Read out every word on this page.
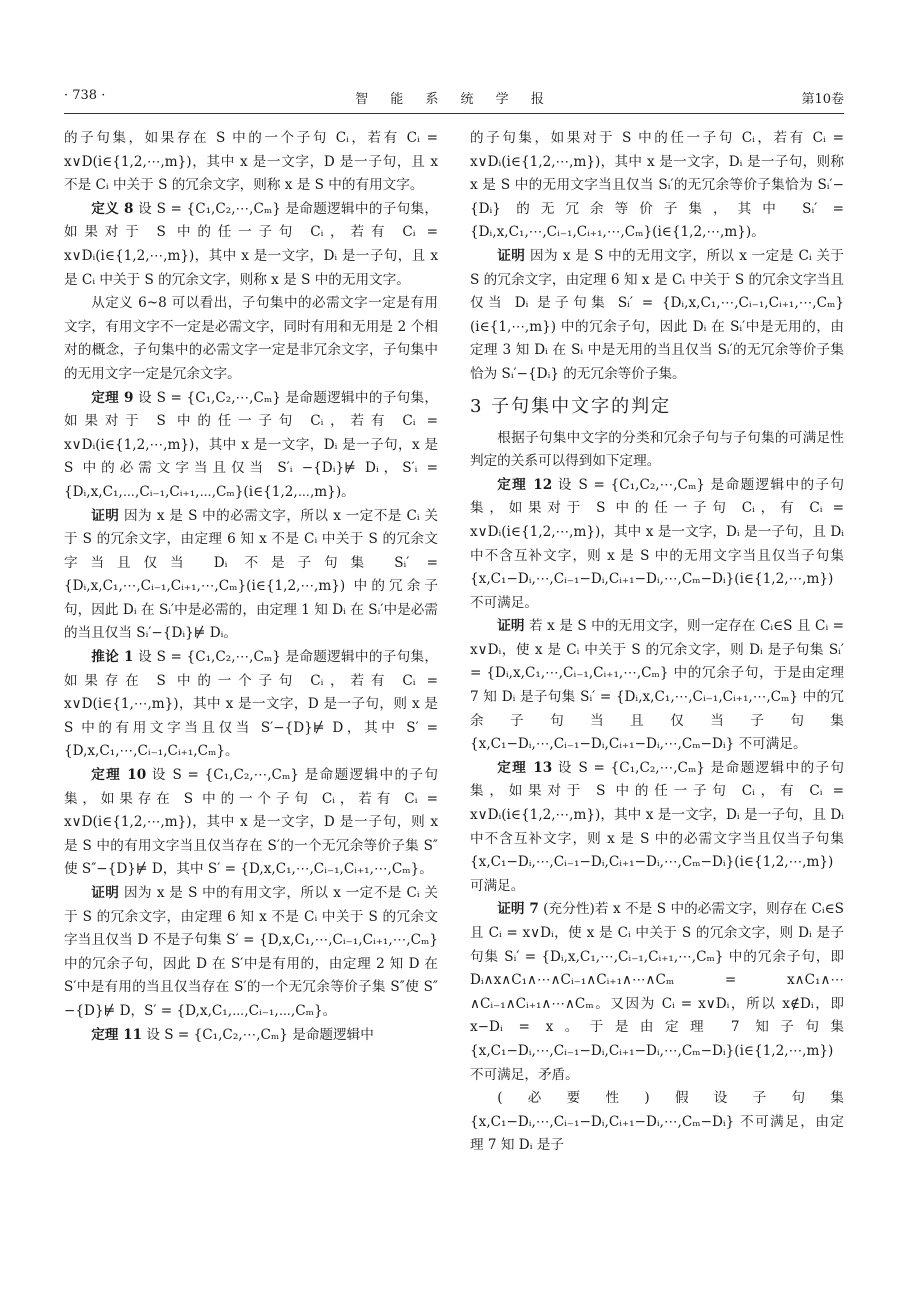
· 738 ·	智 能 系 统 学 报	第10卷

的子句集，如果存在 S 中的一个子句 Cᵢ，若有 Cᵢ = x∨D(i∈{1,2,⋯,m})，其中 x 是一文字，D 是一子句，且 x 不是 Cᵢ 中关于 S 的冗余文字，则称 x 是 S 中的有用文字。

定义 8 设 S = {C₁,C₂,⋯,Cₘ} 是命题逻辑中的子句集，如果对于 S 中的任一子句 Cᵢ，若有 Cᵢ = x∨Dᵢ(i∈{1,2,⋯,m})，其中 x 是一文字，Dᵢ 是一子句，且 x 是 Cᵢ 中关于 S 的冗余文字，则称 x 是 S 中的无用文字。

从定义 6~8 可以看出，子句集中的必需文字一定是有用文字，有用文字不一定是必需文字，同时有用和无用是 2 个相对的概念，子句集中的必需文字一定是非冗余文字，子句集中的无用文字一定是冗余文字。

定理 9 设 S = {C₁,C₂,⋯,Cₘ} 是命题逻辑中的子句集，如果对于 S 中的任一子句 Cᵢ，若有 Cᵢ = x∨Dᵢ(i∈{1,2,⋯,m})，其中 x 是一文字，Dᵢ 是一子句，x 是 S 中的必需文字当且仅当 S′ᵢ −{Dᵢ}⊭ Dᵢ，S′ᵢ = {Dᵢ,x,C₁,⋯,Cᵢ₋₁,Cᵢ₊₁,⋯,Cₘ}(i∈{1,2,⋯,m})。

证明 因为 x 是 S 中的必需文字，所以 x 一定不是 Cᵢ 关于 S 的冗余文字，由定理 6 知 x 不是 Cᵢ 中关于 S 的冗余文字当且仅当 Dᵢ 不是子句集 Sᵢ′ = {Dᵢ,x,C₁,⋯,Cᵢ₋₁,Cᵢ₊₁,⋯,Cₘ}(i∈{1,2,⋯,m}) 中的冗余子句，因此 Dᵢ 在 Sᵢ′中是必需的，由定理 1 知 Dᵢ 在 Sᵢ′中是必需的当且仅当 Sᵢ′−{Dᵢ}⊭ Dᵢ。

推论 1 设 S = {C₁,C₂,⋯,Cₘ} 是命题逻辑中的子句集，如果存在 S 中的一个子句 Cᵢ，若有 Cᵢ = x∨D(i∈{1,⋯,m})，其中 x 是一文字，D 是一子句，则 x 是 S 中的有用文字当且仅当 S′−{D}⊭ D，其中 S′ = {D,x,C₁,⋯,Cᵢ₋₁,Cᵢ₊₁,Cₘ}。

定理 10 设 S = {C₁,C₂,⋯,Cₘ} 是命题逻辑中的子句集，如果存在 S 中的一个子句 Cᵢ，若有 Cᵢ = x∨D(i∈{1,2,⋯,m})，其中 x 是一文字，D 是一子句，则 x 是 S 中的有用文字当且仅当存在 S′的一个无冗余等价子集 S″使 S″−{D}⊭ D，其中 S′ = {D,x,C₁,⋯,Cᵢ₋₁,Cᵢ₊₁,⋯,Cₘ}。

证明 因为 x 是 S 中的有用文字，所以 x 一定不是 Cᵢ 关于 S 的冗余文字，由定理 6 知 x 不是 Cᵢ 中关于 S 的冗余文字当且仅当 D 不是子句集 S′ = {D,x,C₁,⋯,Cᵢ₋₁,Cᵢ₊₁,⋯,Cₘ} 中的冗余子句，因此 D 在 S′中是有用的，由定理 2 知 D 在 S′中是有用的当且仅当存在 S′的一个无冗余等价子集 S″使 S″−{D}⊭ D，S′ = {D,x,C₁,⋯,Cᵢ₋₁,⋯,Cₘ}。

定理 11 设 S = {C₁,C₂,⋯,Cₘ} 是命题逻辑中

的子句集，如果对于 S 中的任一子句 Cᵢ，若有 Cᵢ = x∨Dᵢ(i∈{1,2,⋯,m})，其中 x 是一文字，Dᵢ 是一子句，则称 x 是 S 中的无用文字当且仅当 Sᵢ′的无冗余等价子集恰为 Sᵢ′−{Dᵢ} 的无冗余等价子集，其中 Sᵢ′ = {Dᵢ,x,C₁,⋯,Cᵢ₋₁,Cᵢ₊₁,⋯,Cₘ}(i∈{1,2,⋯,m})。

证明 因为 x 是 S 中的无用文字，所以 x 一定是 Cᵢ 关于 S 的冗余文字，由定理 6 知 x 是 Cᵢ 中关于 S 的冗余文字当且仅当 Dᵢ 是子句集 Sᵢ′ = {Dᵢ,x,C₁,⋯,Cᵢ₋₁,Cᵢ₊₁,⋯,Cₘ}(i∈{1,⋯,m}) 中的冗余子句，因此 Dᵢ 在 Sᵢ′中是无用的，由定理 3 知 Dᵢ 在 Sᵢ 中是无用的当且仅当 Sᵢ′的无冗余等价子集恰为 Sᵢ′−{Dᵢ} 的无冗余等价子集。

3 子句集中文字的判定

根据子句集中文字的分类和冗余子句与子句集的可满足性判定的关系可以得到如下定理。

定理 12 设 S = {C₁,C₂,⋯,Cₘ} 是命题逻辑中的子句集，如果对于 S 中的任一子句 Cᵢ，有 Cᵢ = x∨Dᵢ(i∈{1,2,⋯,m})，其中 x 是一文字，Dᵢ 是一子句，且 Dᵢ 中不含互补文字，则 x 是 S 中的无用文字当且仅当子句集 {x,C₁−Dᵢ,⋯,Cᵢ₋₁−Dᵢ,Cᵢ₊₁−Dᵢ,⋯,Cₘ−Dᵢ}(i∈{1,2,⋯,m}) 不可满足。

证明 若 x 是 S 中的无用文字，则一定存在 Cᵢ∈S 且 Cᵢ = x∨Dᵢ，使 x 是 Cᵢ 中关于 S 的冗余文字，则 Dᵢ 是子句集 Sᵢ′ = {Dᵢ,x,C₁,⋯,Cᵢ₋₁,Cᵢ₊₁,⋯,Cₘ} 中的冗余子句，于是由定理 7 知 Dᵢ 是子句集 Sᵢ′ = {Dᵢ,x,C₁,⋯,Cᵢ₋₁,Cᵢ₊₁,⋯,Cₘ} 中的冗余子句当且仅当子句集 {x,C₁−Dᵢ,⋯,Cᵢ₋₁−Dᵢ,Cᵢ₊₁−Dᵢ,⋯,Cₘ−Dᵢ} 不可满足。

定理 13 设 S = {C₁,C₂,⋯,Cₘ} 是命题逻辑中的子句集，如果对于 S 中的任一子句 Cᵢ，有 Cᵢ = x∨Dᵢ(i∈{1,2,⋯,m})，其中 x 是一文字，Dᵢ 是一子句，且 Dᵢ 中不含互补文字，则 x 是 S 中的必需文字当且仅当子句集 {x,C₁−Dᵢ,⋯,Cᵢ₋₁−Dᵢ,Cᵢ₊₁−Dᵢ,⋯,Cₘ−Dᵢ}(i∈{1,2,⋯,m}) 可满足。

证明 7 (充分性)若 x 不是 S 中的必需文字，则存在 Cᵢ∈S 且 Cᵢ = x∨Dᵢ，使 x 是 Cᵢ 中关于 S 的冗余文字，则 Dᵢ 是子句集 Sᵢ′ = {Dᵢ,x,C₁,⋯,Cᵢ₋₁,Cᵢ₊₁,⋯,Cₘ} 中的冗余子句，即 Dᵢ∧x∧C₁∧⋯∧Cᵢ₋₁∧Cᵢ₊₁∧⋯∧Cₘ = x∧C₁∧⋯∧Cᵢ₋₁∧Cᵢ₊₁∧⋯∧Cₘ。又因为 Cᵢ = x∨Dᵢ，所以 x∉Dᵢ，即 x−Dᵢ = x。于是由定理 7 知子句集 {x,C₁−Dᵢ,⋯,Cᵢ₋₁−Dᵢ,Cᵢ₊₁−Dᵢ,⋯,Cₘ−Dᵢ}(i∈{1,2,⋯,m}) 不可满足，矛盾。

(必要性)假设子句集 {x,C₁−Dᵢ,⋯,Cᵢ₋₁−Dᵢ,Cᵢ₊₁−Dᵢ,⋯,Cₘ−Dᵢ} 不可满足，由定理 7 知 Dᵢ 是子
